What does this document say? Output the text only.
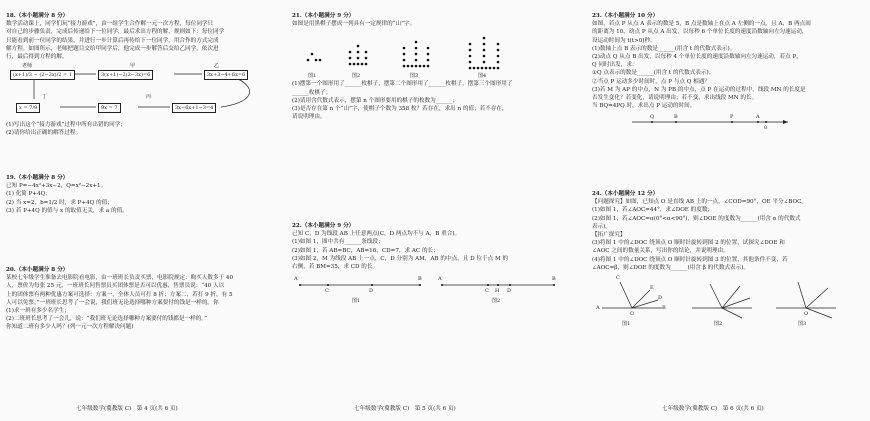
18.（本小题满分 8 分）

数学活动课上，同学们玩“接力游戏”，由一组学生合作解一元一次方程，每位同学只

对自己的步骤负责，完成后传递给下一位同学，最后求出方程的解，规则如下：每位同学

只能看到前一位同学的结果，并进行一步计算后再传给下一位同学，用合作的方式完成

解方程。如图所示，老师把题目交给甲同学后，他完成一步解答后交给乙同学，依次进

行，最后得到方程的解。

老师	甲	乙
丁	丙
(x+1)/3 − (2−3x)/2 = 1	3(x+1)−2(2−3x)=6	3x+3−4+6x=6
x = 7/9	9x = 7	3x−6x+1−3=4

(1)写出这个“接力游戏”过程中所有出错的同学；

(2)请你给出正确的解答过程。

19.（本小题满分 8 分）

已知 P=−4x²+3x−2，Q=x²−2x+1。

(1) 化简 P+4Q；

(2) 当 x=2，b=1/2 时，求 P+4Q 的值；

(3) 若 P+4Q 的值与 x 的取值无关，求 a 的值。

20.（本小题满分 8 分）

某校七年级学生准备去电影院看电影，由一班班长负责买票，电影院规定：购买人数多于 40

人，票价为每张 25 元，一班班长问售票员买团体票是否可以优惠，售票员说：“40 人以

上的团体票有两种优惠方案可选择：方案一，全体人员可打 8 折；方案二，若打 9 折，有 5

人可以免票。”一班班长思考了一会说，我们班无论选择哪种方案要付的钱是一样的。你

(1)求一班有多少名学生；

(2)二班班长思考了一会儿，说：“我们班无论选择哪种方案要付的钱都是一样的。”

你知道二班有多少人吗？(列一元一次方程解决问题)

七年级数学(冀教版 C)　第 4 页(共 6 页)

21.（本小题满分 9 分）

如图是用黑棋子摆成一列具有一定规律的“山”字。

图1	图2	图3	图4

(1)摆第一个图形用了______枚棋子，摆第二个图形用了______枚棋子，摆第三个图形用了

______枚棋子；

(2)请用含代数式表示，摆第 n 个图形要用的棋子的枚数为______；

(3)是否存在第 n 个“山”字，使棋子个数为 358 枚？若存在，求出 n 的值；若不存在，

请说明理由。

22.（本小题满分 9 分）

已知 C，D 为线段 AB 上任意两点(C，D 两点均不与 A，B 重合)。

(1)如图 1，图中共有______条线段；

(2)如图 1，若 AB=BC，AB=16，CD=7，求 AC 的长；

(3)如图 2，M 为线段 AB 上一点，C，D 分别为 AM，AB 的中点，且 D 位于点 M 的

右侧，若 BM=35，求 CD 的长。

A
C	D
B	A
C H D
B
图1	图2
七年级数学(冀教版 C)　第 5 页(共 6 页)

23.（本小题满分 10 分）

如图，若点 P 从点 A 表示的数是 5，B 点是数轴上在点 A 左侧的一点，且 A，B 两点间

的距离为 10，动点 P 从点 A 出发，以每秒 6 个单位长度的速度沿数轴向左匀速运动，

设运动时间为 t(t>0)秒。

(1)数轴上点 B 表示的数是______(用含 t 的代数式表示)。

(2)动点 Q 从点 B 出发，以每秒 4 个单位长度的速度沿数轴向左匀速运动，若点 P，

Q 同时出发，求：

①Q 点表示的数是______(用含 t 的代数式表示)；

②当点 P 运动多少时间时，点 P 与点 Q 相遇？

(3)若 M 为 AP 的中点，N 为 PB 的中点，点 P 在运动的过程中，线段 MN 的长度是

否发生变化？若变化，请说明理由；若不变，求出线段 MN 的长。

当 BQ=4PQ 时，求出点 P 运动的时间。

Q	B	P	A
0

24.（本小题满分 12 分）

【问题探究】如图，已知点 O 是直线 AB 上的一点，∠COD=90°，OE 平分∠BOC。

(1)如图 1，若∠AOC=44°，求∠DOE 的度数；

(2)如图 1，若∠AOC=α(0°<α<90°)，则∠DOE 的度数为______(用含 α 的代数式

表示)。

【拓广探究】

(3)将图 1 中的∠DOC 绕顶点 O 顺时针旋转到图 2 的位置，试探究∠DOE 和

∠AOC 之间的数量关系，写出你的结论，并说明理由。

(4)将图 1 中的∠DOC 绕顶点 O 顺时针旋转到图 3 的位置，其他条件不变，若

∠AOC=β，则∠DOE 的度数为______(用含 β 的代数式表示)。

C
E
D
A
O
B
O
图1	图2	图3
七年级数学(冀教版 C)　第 6 页(共 6 页)
